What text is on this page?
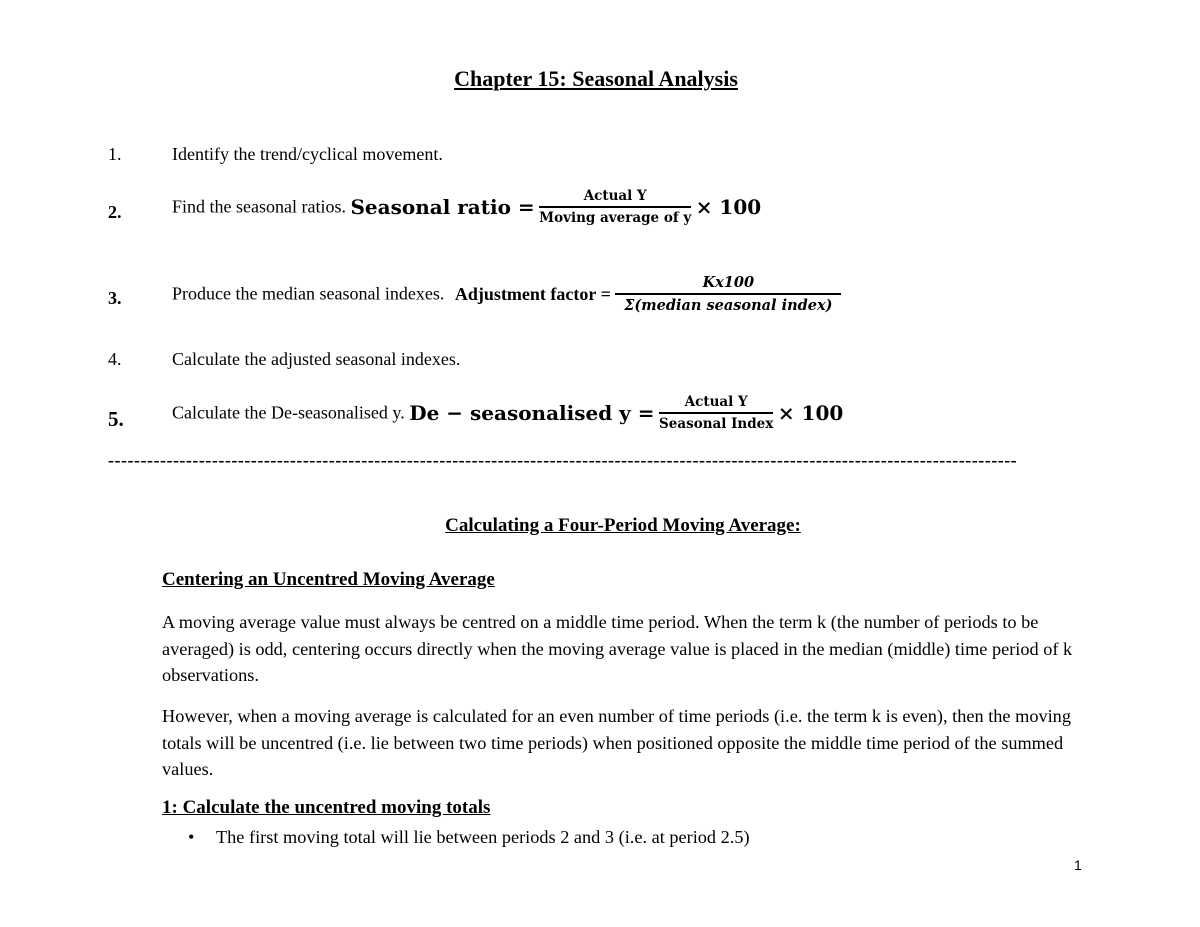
Chapter 15: Seasonal Analysis
1.	Identify the trend/cyclical movement.
2.	Find the seasonal ratios. Seasonal ratio = $\frac{\text{Actual Y}}{\text{Moving average of y}} \times 100$
3.	Produce the median seasonal indexes. Adjustment factor = $\frac{Kx100}{\text{Σ(median seasonal index)}}$
4.	Calculate the adjusted seasonal indexes.
5.	Calculate the De-seasonalised y. De − seasonalised $y = \frac{\text{Actual Y}}{\text{Seasonal Index}} \times 100$
--------------------------------------------------------------------------------------------------------------------------------------------
Calculating a Four-Period Moving Average:
Centering an Uncentred Moving Average
A moving average value must always be centred on a middle time period. When the term k (the number of periods to be averaged) is odd, centering occurs directly when the moving average value is placed in the median (middle) time period of k observations.
However, when a moving average is calculated for an even number of time periods (i.e. the term k is even), then the moving totals will be uncentred (i.e. lie between two time periods) when positioned opposite the middle time period of the summed values.
1: Calculate the uncentred moving totals
• The first moving total will lie between periods 2 and 3 (i.e. at period 2.5)
1
